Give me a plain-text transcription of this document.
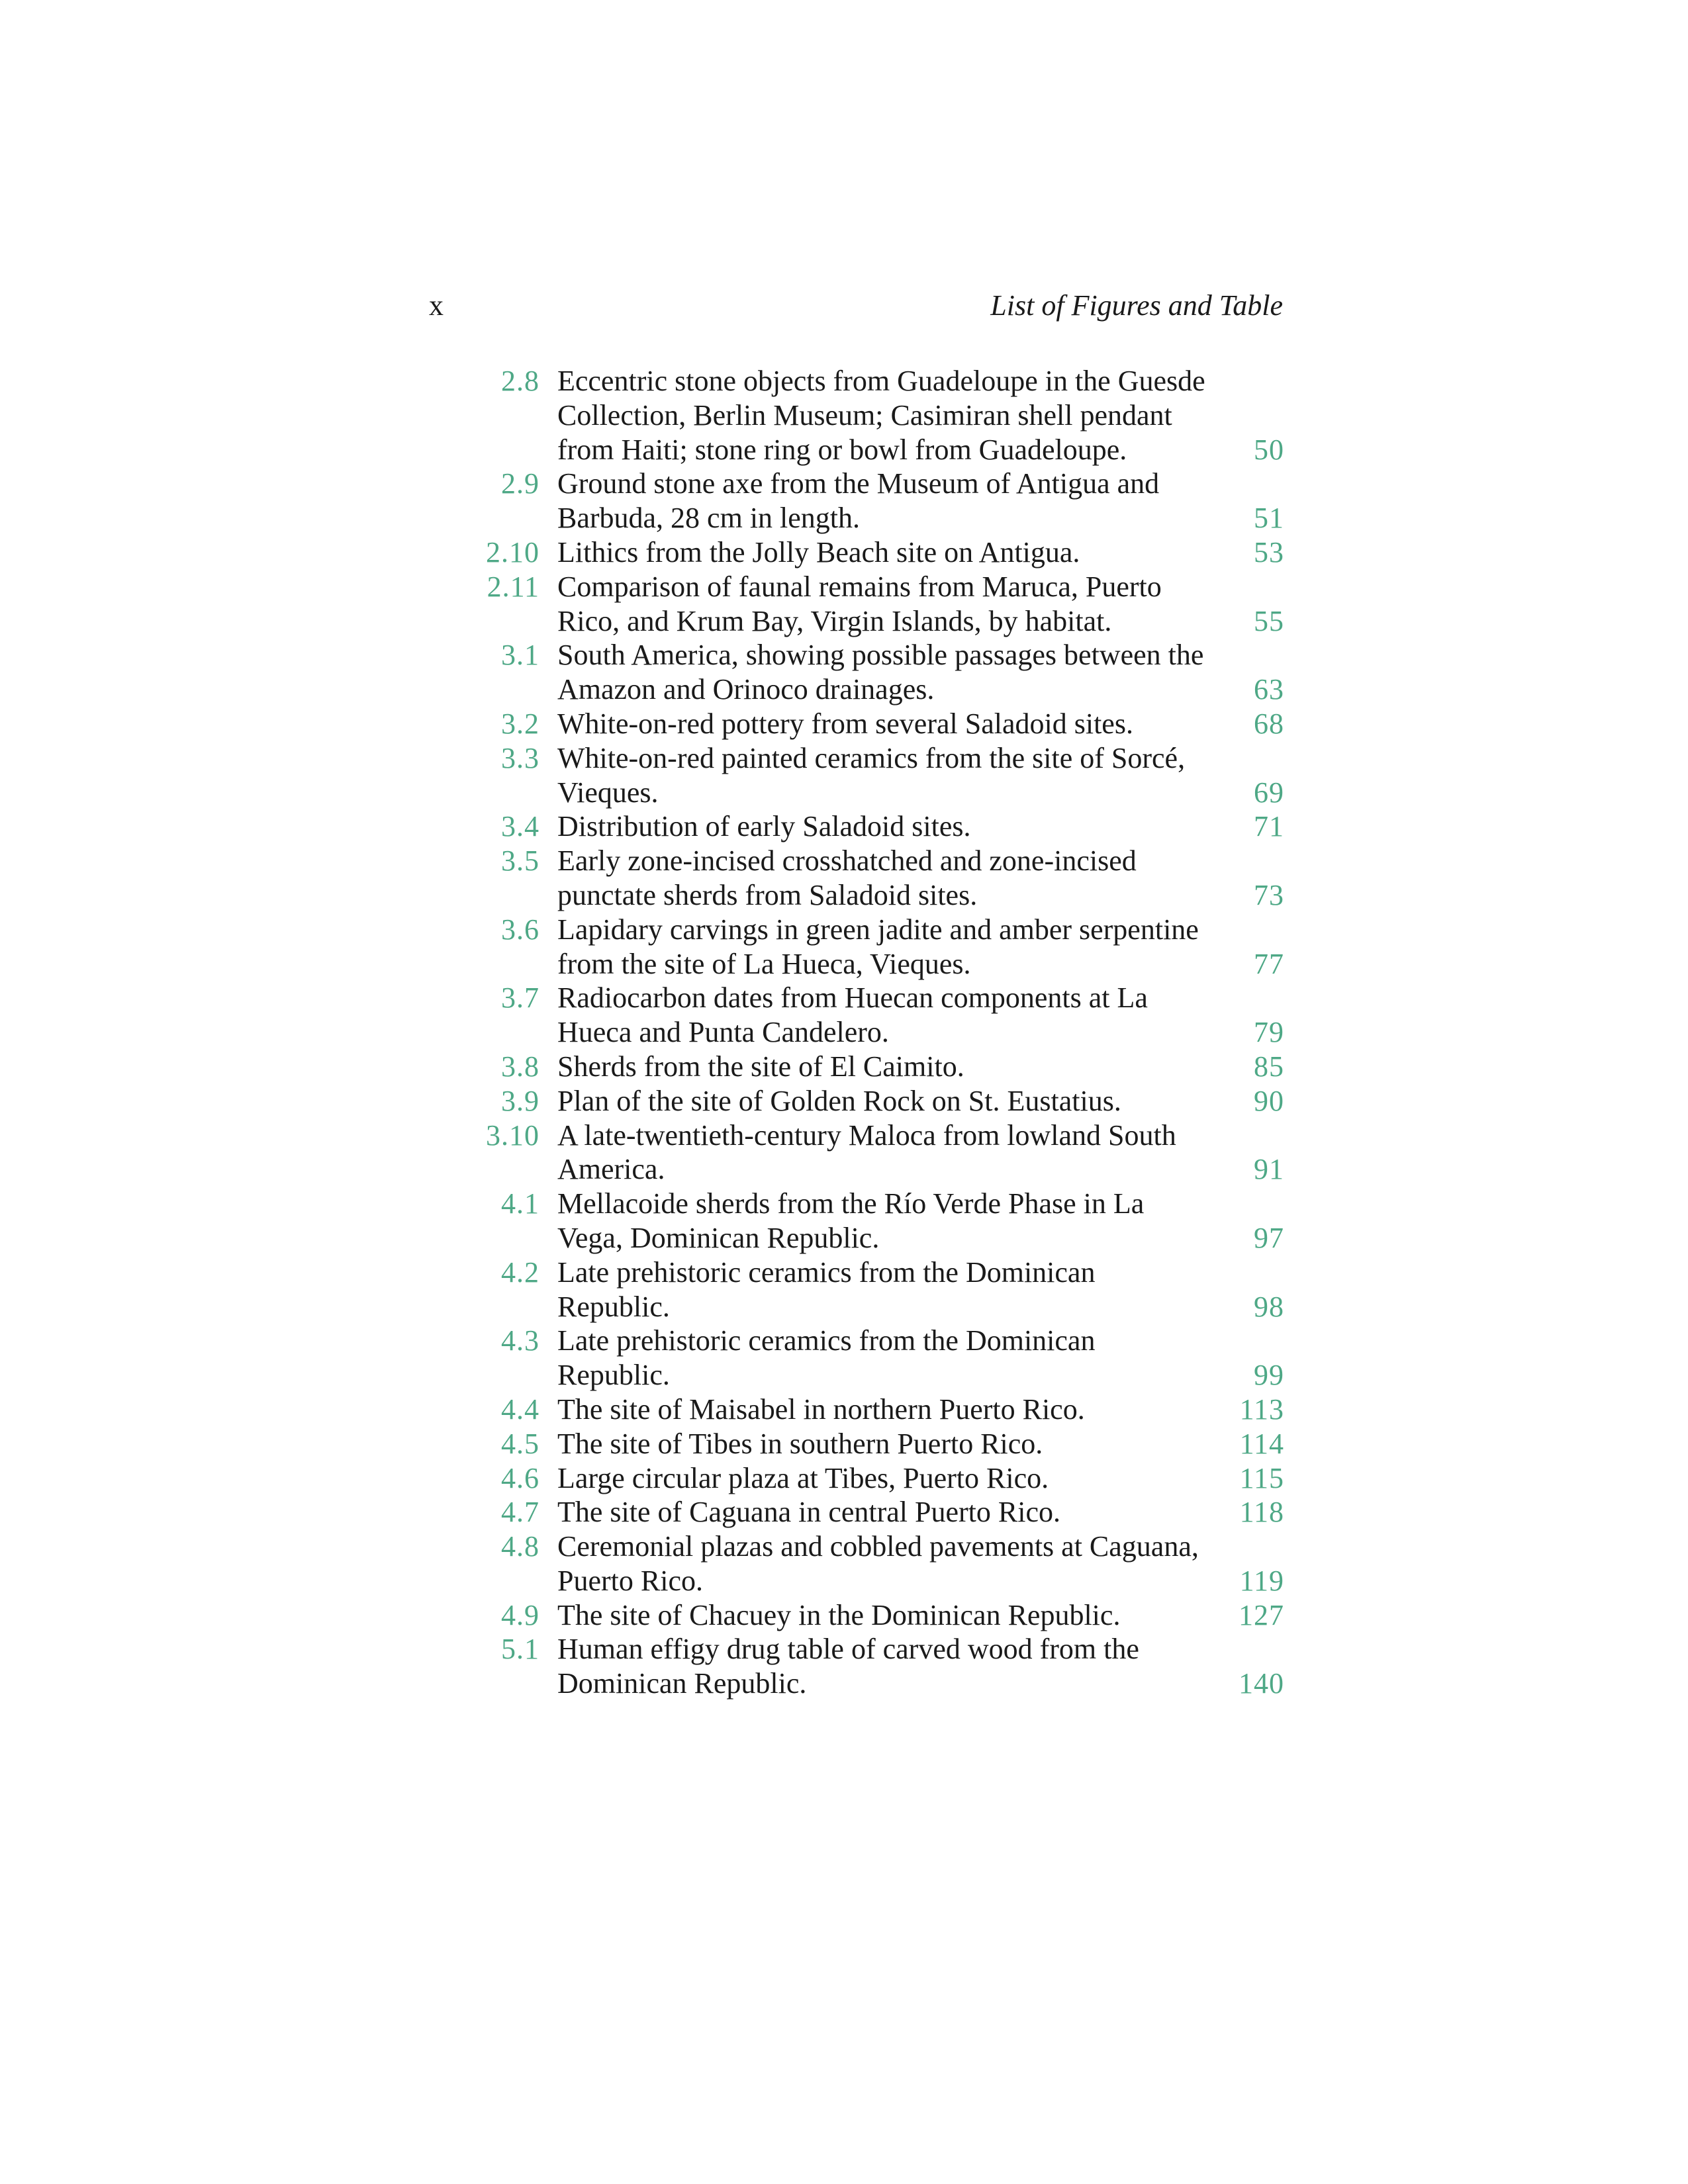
x	List of Figures and Table
2.8 Eccentric stone objects from Guadeloupe in the Guesde
Collection, Berlin Museum; Casimiran shell pendant
from Haiti; stone ring or bowl from Guadeloupe.	50
2.9 Ground stone axe from the Museum of Antigua and
Barbuda, 28 cm in length.	51
2.10 Lithics from the Jolly Beach site on Antigua.	53
2.11 Comparison of faunal remains from Maruca, Puerto
Rico, and Krum Bay, Virgin Islands, by habitat.	55
3.1 South America, showing possible passages between the
Amazon and Orinoco drainages.	63
3.2 White-on-red pottery from several Saladoid sites.	68
3.3 White-on-red painted ceramics from the site of Sorcé,
Vieques.	69
3.4 Distribution of early Saladoid sites.	71
3.5 Early zone-incised crosshatched and zone-incised
punctate sherds from Saladoid sites.	73
3.6 Lapidary carvings in green jadite and amber serpentine
from the site of La Hueca, Vieques.	77
3.7 Radiocarbon dates from Huecan components at La
Hueca and Punta Candelero.	79
3.8 Sherds from the site of El Caimito.	85
3.9 Plan of the site of Golden Rock on St. Eustatius.	90
3.10 A late-twentieth-century Maloca from lowland South
America.	91
4.1 Mellacoide sherds from the Río Verde Phase in La
Vega, Dominican Republic.	97
4.2 Late prehistoric ceramics from the Dominican
Republic.	98
4.3 Late prehistoric ceramics from the Dominican
Republic.	99
4.4 The site of Maisabel in northern Puerto Rico.	113
4.5 The site of Tibes in southern Puerto Rico.	114
4.6 Large circular plaza at Tibes, Puerto Rico.	115
4.7 The site of Caguana in central Puerto Rico.	118
4.8 Ceremonial plazas and cobbled pavements at Caguana,
Puerto Rico.	119
4.9 The site of Chacuey in the Dominican Republic.	127
5.1 Human effigy drug table of carved wood from the
Dominican Republic.	140
